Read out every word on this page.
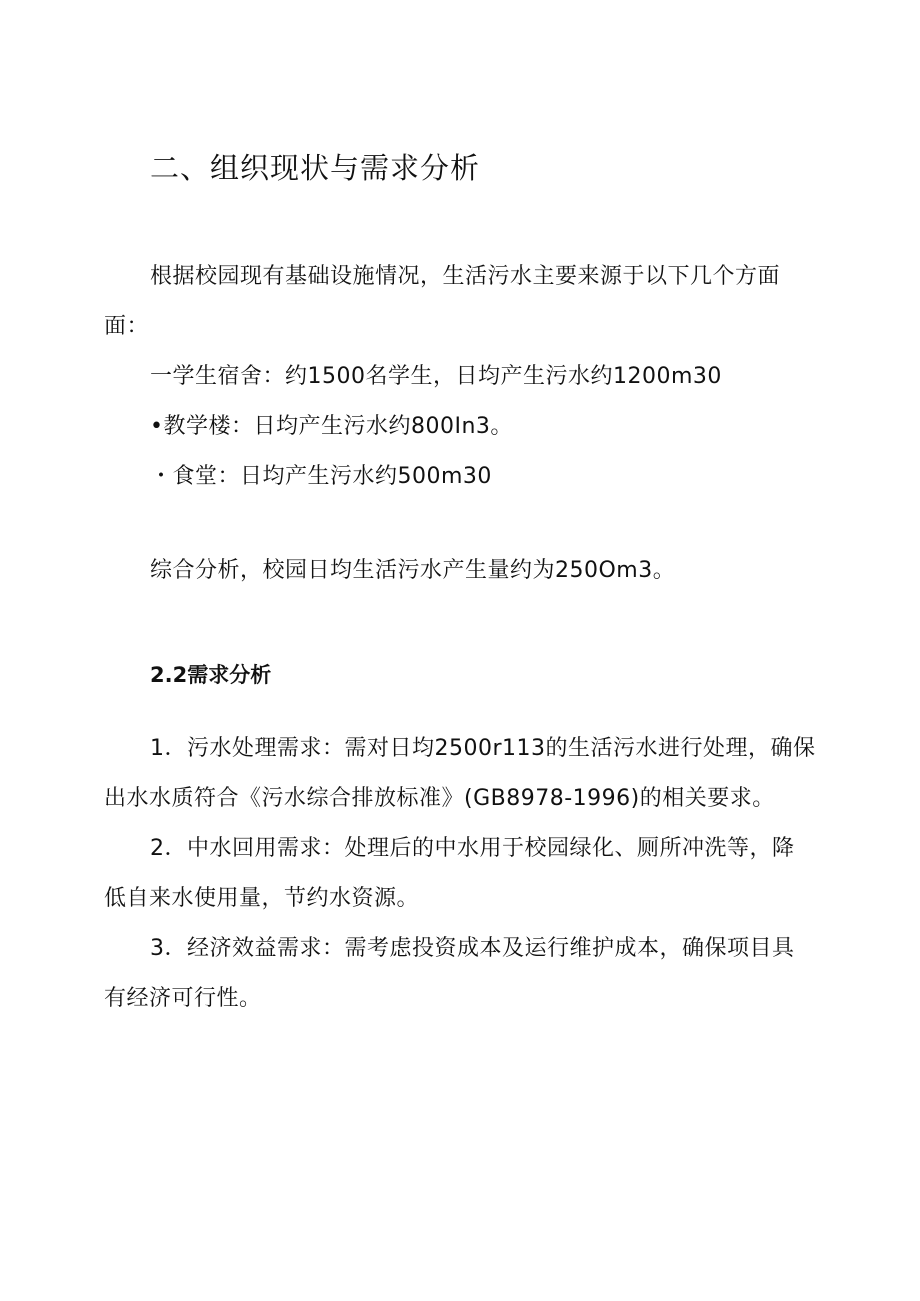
二、组织现状与需求分析
根据校园现有基础设施情况，生活污水主要来源于以下几个方面
面：
一学生宿舍：约1500名学生，日均产生污水约1200m30
•教学楼：日均产生污水约800In3。
・食堂：日均产生污水约500m30
综合分析，校园日均生活污水产生量约为250Om3。
2.2需求分析
1．污水处理需求：需对日均2500r113的生活污水进行处理，确保
出水水质符合《污水综合排放标准》(GB8978-1996)的相关要求。
2．中水回用需求：处理后的中水用于校园绿化、厕所冲洗等，降
低自来水使用量，节约水资源。
3．经济效益需求：需考虑投资成本及运行维护成本，确保项目具
有经济可行性。
